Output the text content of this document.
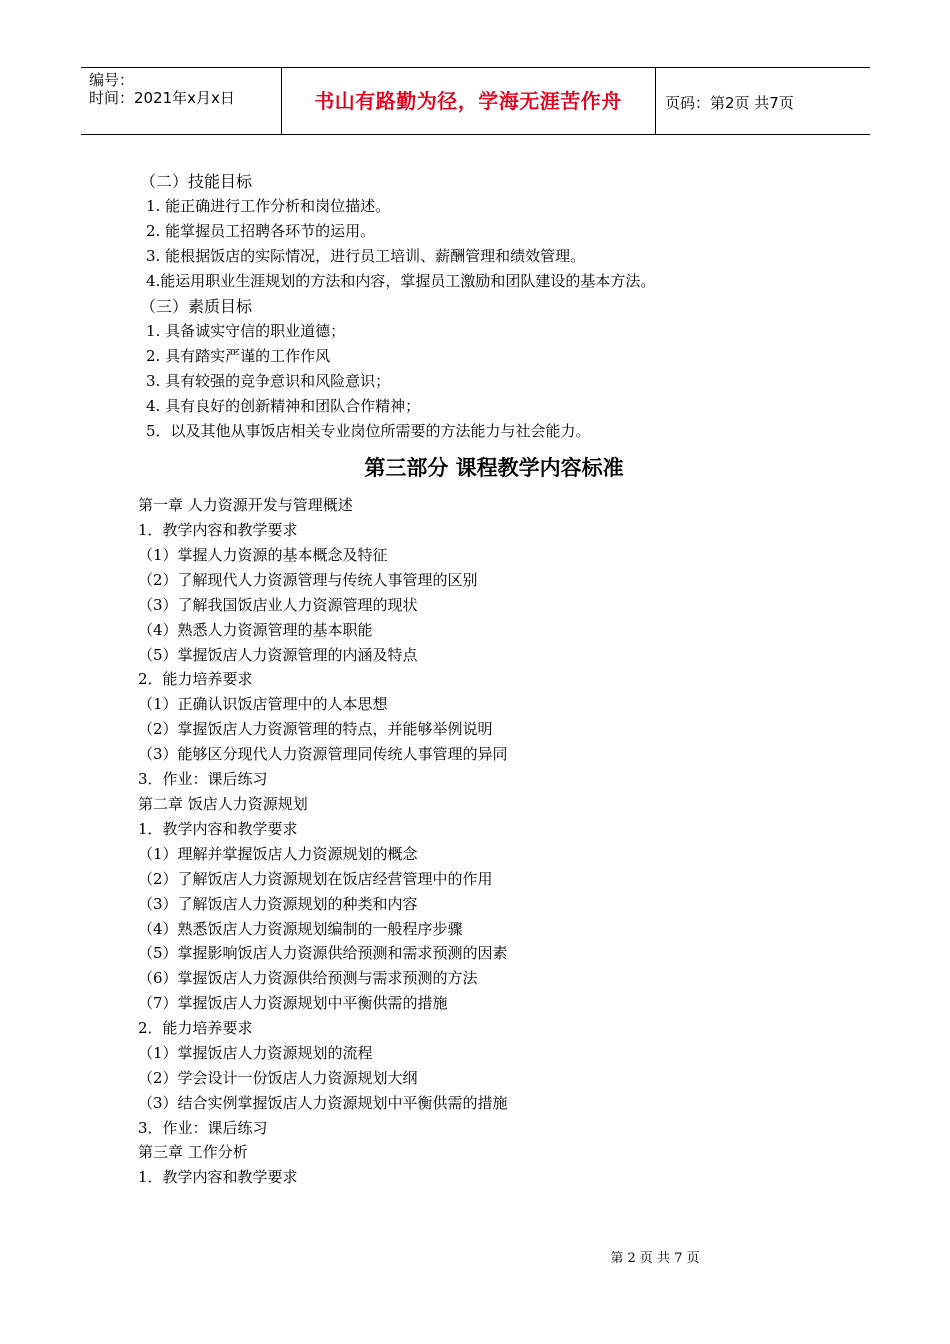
编号：
时间：2021年x月x日	书山有路勤为径，学海无涯苦作舟	页码：第2页 共7页
（二）技能目标
1. 能正确进行工作分析和岗位描述。
2. 能掌握员工招聘各环节的运用。
3. 能根据饭店的实际情况，进行员工培训、薪酬管理和绩效管理。
4.能运用职业生涯规划的方法和内容，掌握员工激励和团队建设的基本方法。
（三）素质目标
1. 具备诚实守信的职业道德；
2. 具有踏实严谨的工作作风
3. 具有较强的竞争意识和风险意识；
4. 具有良好的创新精神和团队合作精神；
5．以及其他从事饭店相关专业岗位所需要的方法能力与社会能力。
第三部分 课程教学内容标准
第一章 人力资源开发与管理概述
1．教学内容和教学要求
（1）掌握人力资源的基本概念及特征
（2）了解现代人力资源管理与传统人事管理的区别
（3）了解我国饭店业人力资源管理的现状
（4）熟悉人力资源管理的基本职能
（5）掌握饭店人力资源管理的内涵及特点
2．能力培养要求
（1）正确认识饭店管理中的人本思想
（2）掌握饭店人力资源管理的特点，并能够举例说明
（3）能够区分现代人力资源管理同传统人事管理的异同
3．作业：课后练习
第二章 饭店人力资源规划
1．教学内容和教学要求
（1）理解并掌握饭店人力资源规划的概念
（2）了解饭店人力资源规划在饭店经营管理中的作用
（3）了解饭店人力资源规划的种类和内容
（4）熟悉饭店人力资源规划编制的一般程序步骤
（5）掌握影响饭店人力资源供给预测和需求预测的因素
（6）掌握饭店人力资源供给预测与需求预测的方法
（7）掌握饭店人力资源规划中平衡供需的措施
2．能力培养要求
（1）掌握饭店人力资源规划的流程
（2）学会设计一份饭店人力资源规划大纲
（3）结合实例掌握饭店人力资源规划中平衡供需的措施
3．作业：课后练习
第三章 工作分析
1．教学内容和教学要求
第 2 页 共 7 页
